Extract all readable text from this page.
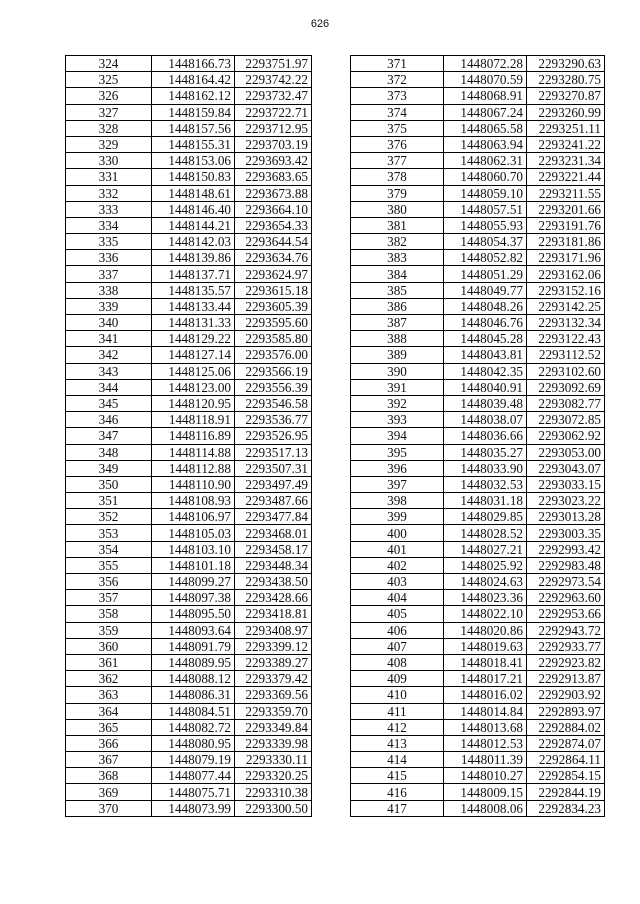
626
324	1448166.73	2293751.97
325	1448164.42	2293742.22
326	1448162.12	2293732.47
327	1448159.84	2293722.71
328	1448157.56	2293712.95
329	1448155.31	2293703.19
330	1448153.06	2293693.42
331	1448150.83	2293683.65
332	1448148.61	2293673.88
333	1448146.40	2293664.10
334	1448144.21	2293654.33
335	1448142.03	2293644.54
336	1448139.86	2293634.76
337	1448137.71	2293624.97
338	1448135.57	2293615.18
339	1448133.44	2293605.39
340	1448131.33	2293595.60
341	1448129.22	2293585.80
342	1448127.14	2293576.00
343	1448125.06	2293566.19
344	1448123.00	2293556.39
345	1448120.95	2293546.58
346	1448118.91	2293536.77
347	1448116.89	2293526.95
348	1448114.88	2293517.13
349	1448112.88	2293507.31
350	1448110.90	2293497.49
351	1448108.93	2293487.66
352	1448106.97	2293477.84
353	1448105.03	2293468.01
354	1448103.10	2293458.17
355	1448101.18	2293448.34
356	1448099.27	2293438.50
357	1448097.38	2293428.66
358	1448095.50	2293418.81
359	1448093.64	2293408.97
360	1448091.79	2293399.12
361	1448089.95	2293389.27
362	1448088.12	2293379.42
363	1448086.31	2293369.56
364	1448084.51	2293359.70
365	1448082.72	2293349.84
366	1448080.95	2293339.98
367	1448079.19	2293330.11
368	1448077.44	2293320.25
369	1448075.71	2293310.38
370	1448073.99	2293300.50
371	1448072.28	2293290.63
372	1448070.59	2293280.75
373	1448068.91	2293270.87
374	1448067.24	2293260.99
375	1448065.58	2293251.11
376	1448063.94	2293241.22
377	1448062.31	2293231.34
378	1448060.70	2293221.44
379	1448059.10	2293211.55
380	1448057.51	2293201.66
381	1448055.93	2293191.76
382	1448054.37	2293181.86
383	1448052.82	2293171.96
384	1448051.29	2293162.06
385	1448049.77	2293152.16
386	1448048.26	2293142.25
387	1448046.76	2293132.34
388	1448045.28	2293122.43
389	1448043.81	2293112.52
390	1448042.35	2293102.60
391	1448040.91	2293092.69
392	1448039.48	2293082.77
393	1448038.07	2293072.85
394	1448036.66	2293062.92
395	1448035.27	2293053.00
396	1448033.90	2293043.07
397	1448032.53	2293033.15
398	1448031.18	2293023.22
399	1448029.85	2293013.28
400	1448028.52	2293003.35
401	1448027.21	2292993.42
402	1448025.92	2292983.48
403	1448024.63	2292973.54
404	1448023.36	2292963.60
405	1448022.10	2292953.66
406	1448020.86	2292943.72
407	1448019.63	2292933.77
408	1448018.41	2292923.82
409	1448017.21	2292913.87
410	1448016.02	2292903.92
411	1448014.84	2292893.97
412	1448013.68	2292884.02
413	1448012.53	2292874.07
414	1448011.39	2292864.11
415	1448010.27	2292854.15
416	1448009.15	2292844.19
417	1448008.06	2292834.23
